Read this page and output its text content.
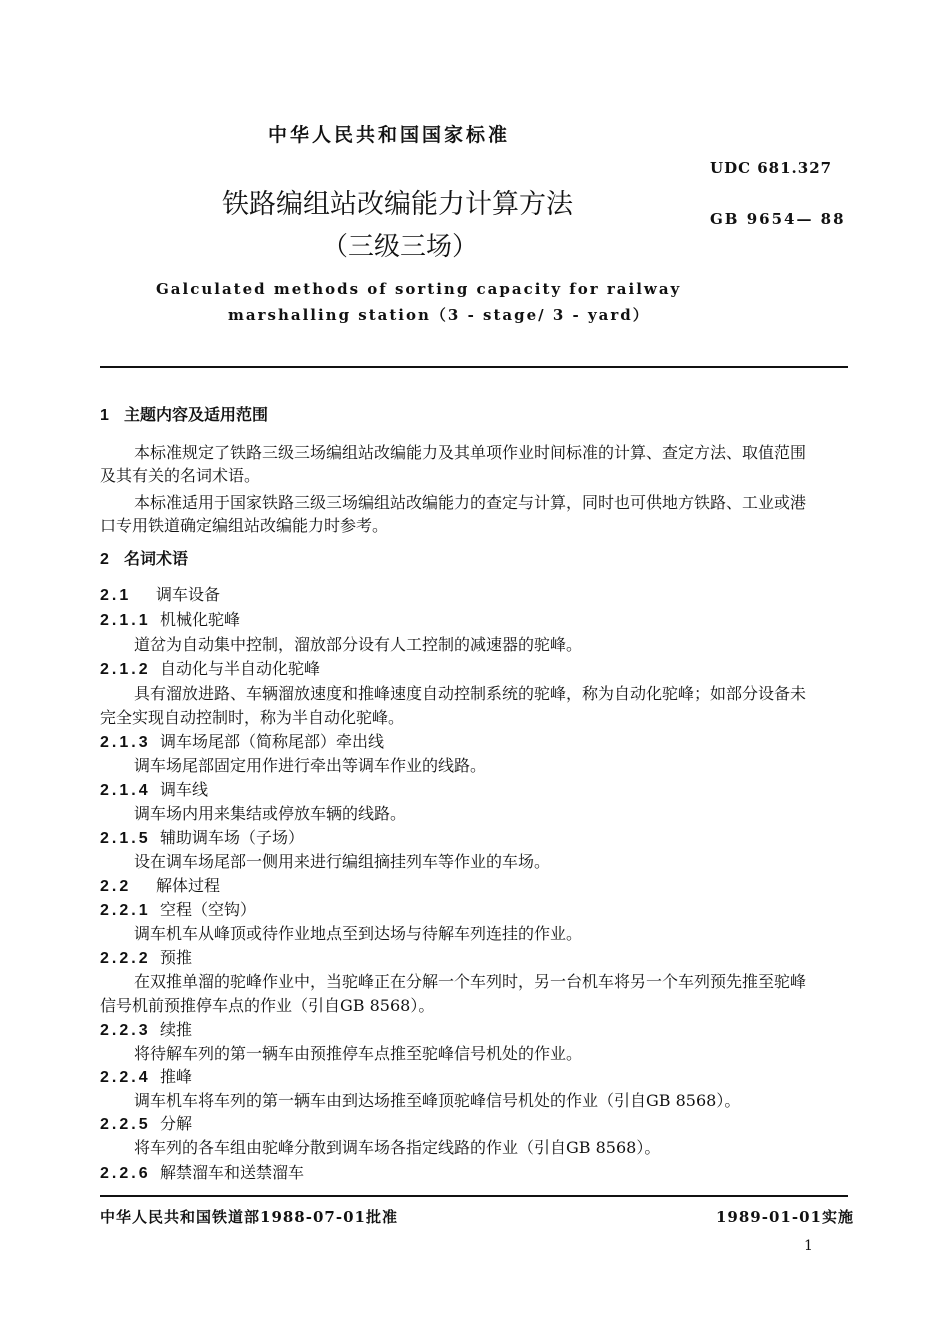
中华人民共和国国家标准
UDC 681.327
GB 9654— 88
铁路编组站改编能力计算方法
（三级三场）
Galculated methods of sorting capacity for railway
marshalling station（3 - stage/ 3 - yard）
1 主题内容及适用范围
本标准规定了铁路三级三场编组站改编能力及其单项作业时间标准的计算、查定方法、取值范围
及其有关的名词术语。
本标准适用于国家铁路三级三场编组站改编能力的查定与计算，同时也可供地方铁路、工业或港
口专用铁道确定编组站改编能力时参考。
2 名词术语
2.1 调车设备
2.1.1 机械化驼峰
道岔为自动集中控制，溜放部分设有人工控制的减速器的驼峰。
2.1.2 自动化与半自动化驼峰
具有溜放进路、车辆溜放速度和推峰速度自动控制系统的驼峰，称为自动化驼峰；如部分设备未
完全实现自动控制时，称为半自动化驼峰。
2.1.3 调车场尾部（简称尾部）牵出线
调车场尾部固定用作进行牵出等调车作业的线路。
2.1.4 调车线
调车场内用来集结或停放车辆的线路。
2.1.5 辅助调车场（子场）
设在调车场尾部一侧用来进行编组摘挂列车等作业的车场。
2.2 解体过程
2.2.1 空程（空钩）
调车机车从峰顶或待作业地点至到达场与待解车列连挂的作业。
2.2.2 预推
在双推单溜的驼峰作业中，当驼峰正在分解一个车列时，另一台机车将另一个车列预先推至驼峰
信号机前预推停车点的作业（引自GB 8568）。
2.2.3 续推
将待解车列的第一辆车由预推停车点推至驼峰信号机处的作业。
2.2.4 推峰
调车机车将车列的第一辆车由到达场推至峰顶驼峰信号机处的作业（引自GB 8568）。
2.2.5 分解
将车列的各车组由驼峰分散到调车场各指定线路的作业（引自GB 8568）。
2.2.6 解禁溜车和送禁溜车
中华人民共和国铁道部1988-07-01批准	1989-01-01实施
1
